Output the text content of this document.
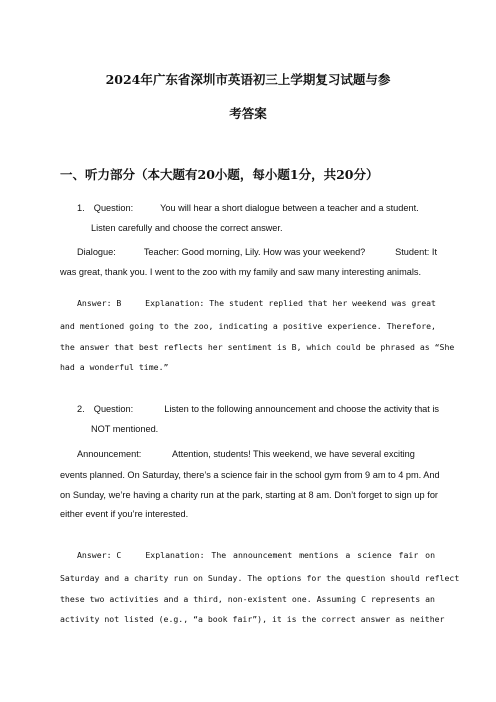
2024年广东省深圳市英语初三上学期复习试题与参
考答案
一、听力部分（本大题有20小题，每小题1分，共20分）
1. Question:	You will hear a short dialogue between a teacher and a student.
Listen carefully and choose the correct answer.
Dialogue:	Teacher: Good morning, Lily. How was your weekend?	Student: It
was great, thank you. I went to the zoo with my family and saw many interesting animals.
Answer: B	Explanation: The student replied that her weekend was great
and mentioned going to the zoo, indicating a positive experience. Therefore,
the answer that best reflects her sentiment is B, which could be phrased as “She
had a wonderful time.”
2. Question:	Listen to the following announcement and choose the activity that is
NOT mentioned.
Announcement:	Attention, students! This weekend, we have several exciting
events planned. On Saturday, there’s a science fair in the school gym from 9 am to 4 pm. And
on Sunday, we’re having a charity run at the park, starting at 8 am. Don’t forget to sign up for
either event if you’re interested.
Answer: C	Explanation: The announcement mentions a science fair on
Saturday and a charity run on Sunday. The options for the question should reflect
these two activities and a third, non-existent one. Assuming C represents an
activity not listed (e.g., “a book fair”), it is the correct answer as neither
